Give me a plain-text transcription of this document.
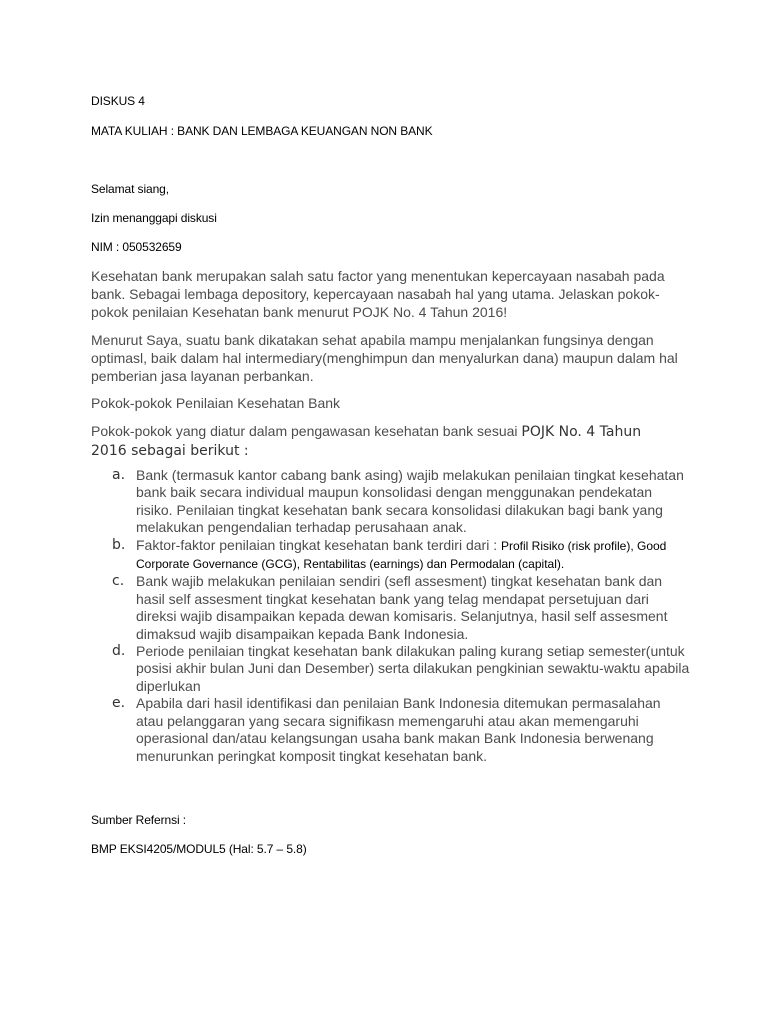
DISKUS 4

MATA KULIAH : BANK DAN LEMBAGA KEUANGAN NON BANK

Selamat siang,

Izin menanggapi diskusi

NIM : 050532659

Kesehatan bank merupakan salah satu factor yang menentukan kepercayaan nasabah pada bank. Sebagai lembaga depository, kepercayaan nasabah hal yang utama. Jelaskan pokok-pokok penilaian Kesehatan bank menurut POJK No. 4 Tahun 2016!

Menurut Saya, suatu bank dikatakan sehat apabila mampu menjalankan fungsinya dengan optimasl, baik dalam hal intermediary(menghimpun dan menyalurkan dana) maupun dalam hal pemberian jasa layanan perbankan.

Pokok-pokok Penilaian Kesehatan Bank

Pokok-pokok yang diatur dalam pengawasan kesehatan bank sesuai POJK No. 4 Tahun 2016 sebagai berikut :

a. Bank (termasuk kantor cabang bank asing) wajib melakukan penilaian tingkat kesehatan bank baik secara individual maupun konsolidasi dengan menggunakan pendekatan risiko. Penilaian tingkat kesehatan bank secara konsolidasi dilakukan bagi bank yang melakukan pengendalian terhadap perusahaan anak.
b. Faktor-faktor penilaian tingkat kesehatan bank terdiri dari : Profil Risiko (risk profile), Good Corporate Governance (GCG), Rentabilitas (earnings) dan Permodalan (capital).
c. Bank wajib melakukan penilaian sendiri (sefl assesment) tingkat kesehatan bank dan hasil self assesment tingkat kesehatan bank yang telag mendapat persetujuan dari direksi wajib disampaikan kepada dewan komisaris. Selanjutnya, hasil self assesment dimaksud wajib disampaikan kepada Bank Indonesia.
d. Periode penilaian tingkat kesehatan bank dilakukan paling kurang setiap semester(untuk posisi akhir bulan Juni dan Desember) serta dilakukan pengkinian sewaktu-waktu apabila diperlukan
e. Apabila dari hasil identifikasi dan penilaian Bank Indonesia ditemukan permasalahan atau pelanggaran yang secara signifikasn memengaruhi atau akan memengaruhi operasional dan/atau kelangsungan usaha bank makan Bank Indonesia berwenang menurunkan peringkat komposit tingkat kesehatan bank.

Sumber Refernsi :

BMP EKSI4205/MODUL5 (Hal: 5.7 – 5.8)
